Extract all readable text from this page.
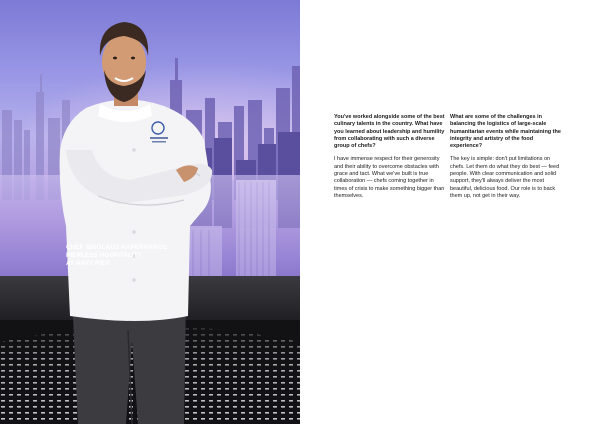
CHEF NIKOLAOS KAPERNAROS
PIERLESS HOSPITALITY
AT NAVY PIER

You've worked alongside some of the best culinary talents in the country. What have you learned about leadership and humility from collaborating with such a diverse group of chefs?

I have immense respect for their generosity and their ability to overcome obstacles with grace and tact. What we've built is true collaboration — chefs coming together in times of crisis to make something bigger than themselves.

What are some of the challenges in balancing the logistics of large-scale humanitarian events while maintaining the integrity and artistry of the food experience?

The key is simple: don't put limitations on chefs. Let them do what they do best — feed people. With clear communication and solid support, they'll always deliver the most beautiful, delicious food. Our role is to back them up, not get in their way.
